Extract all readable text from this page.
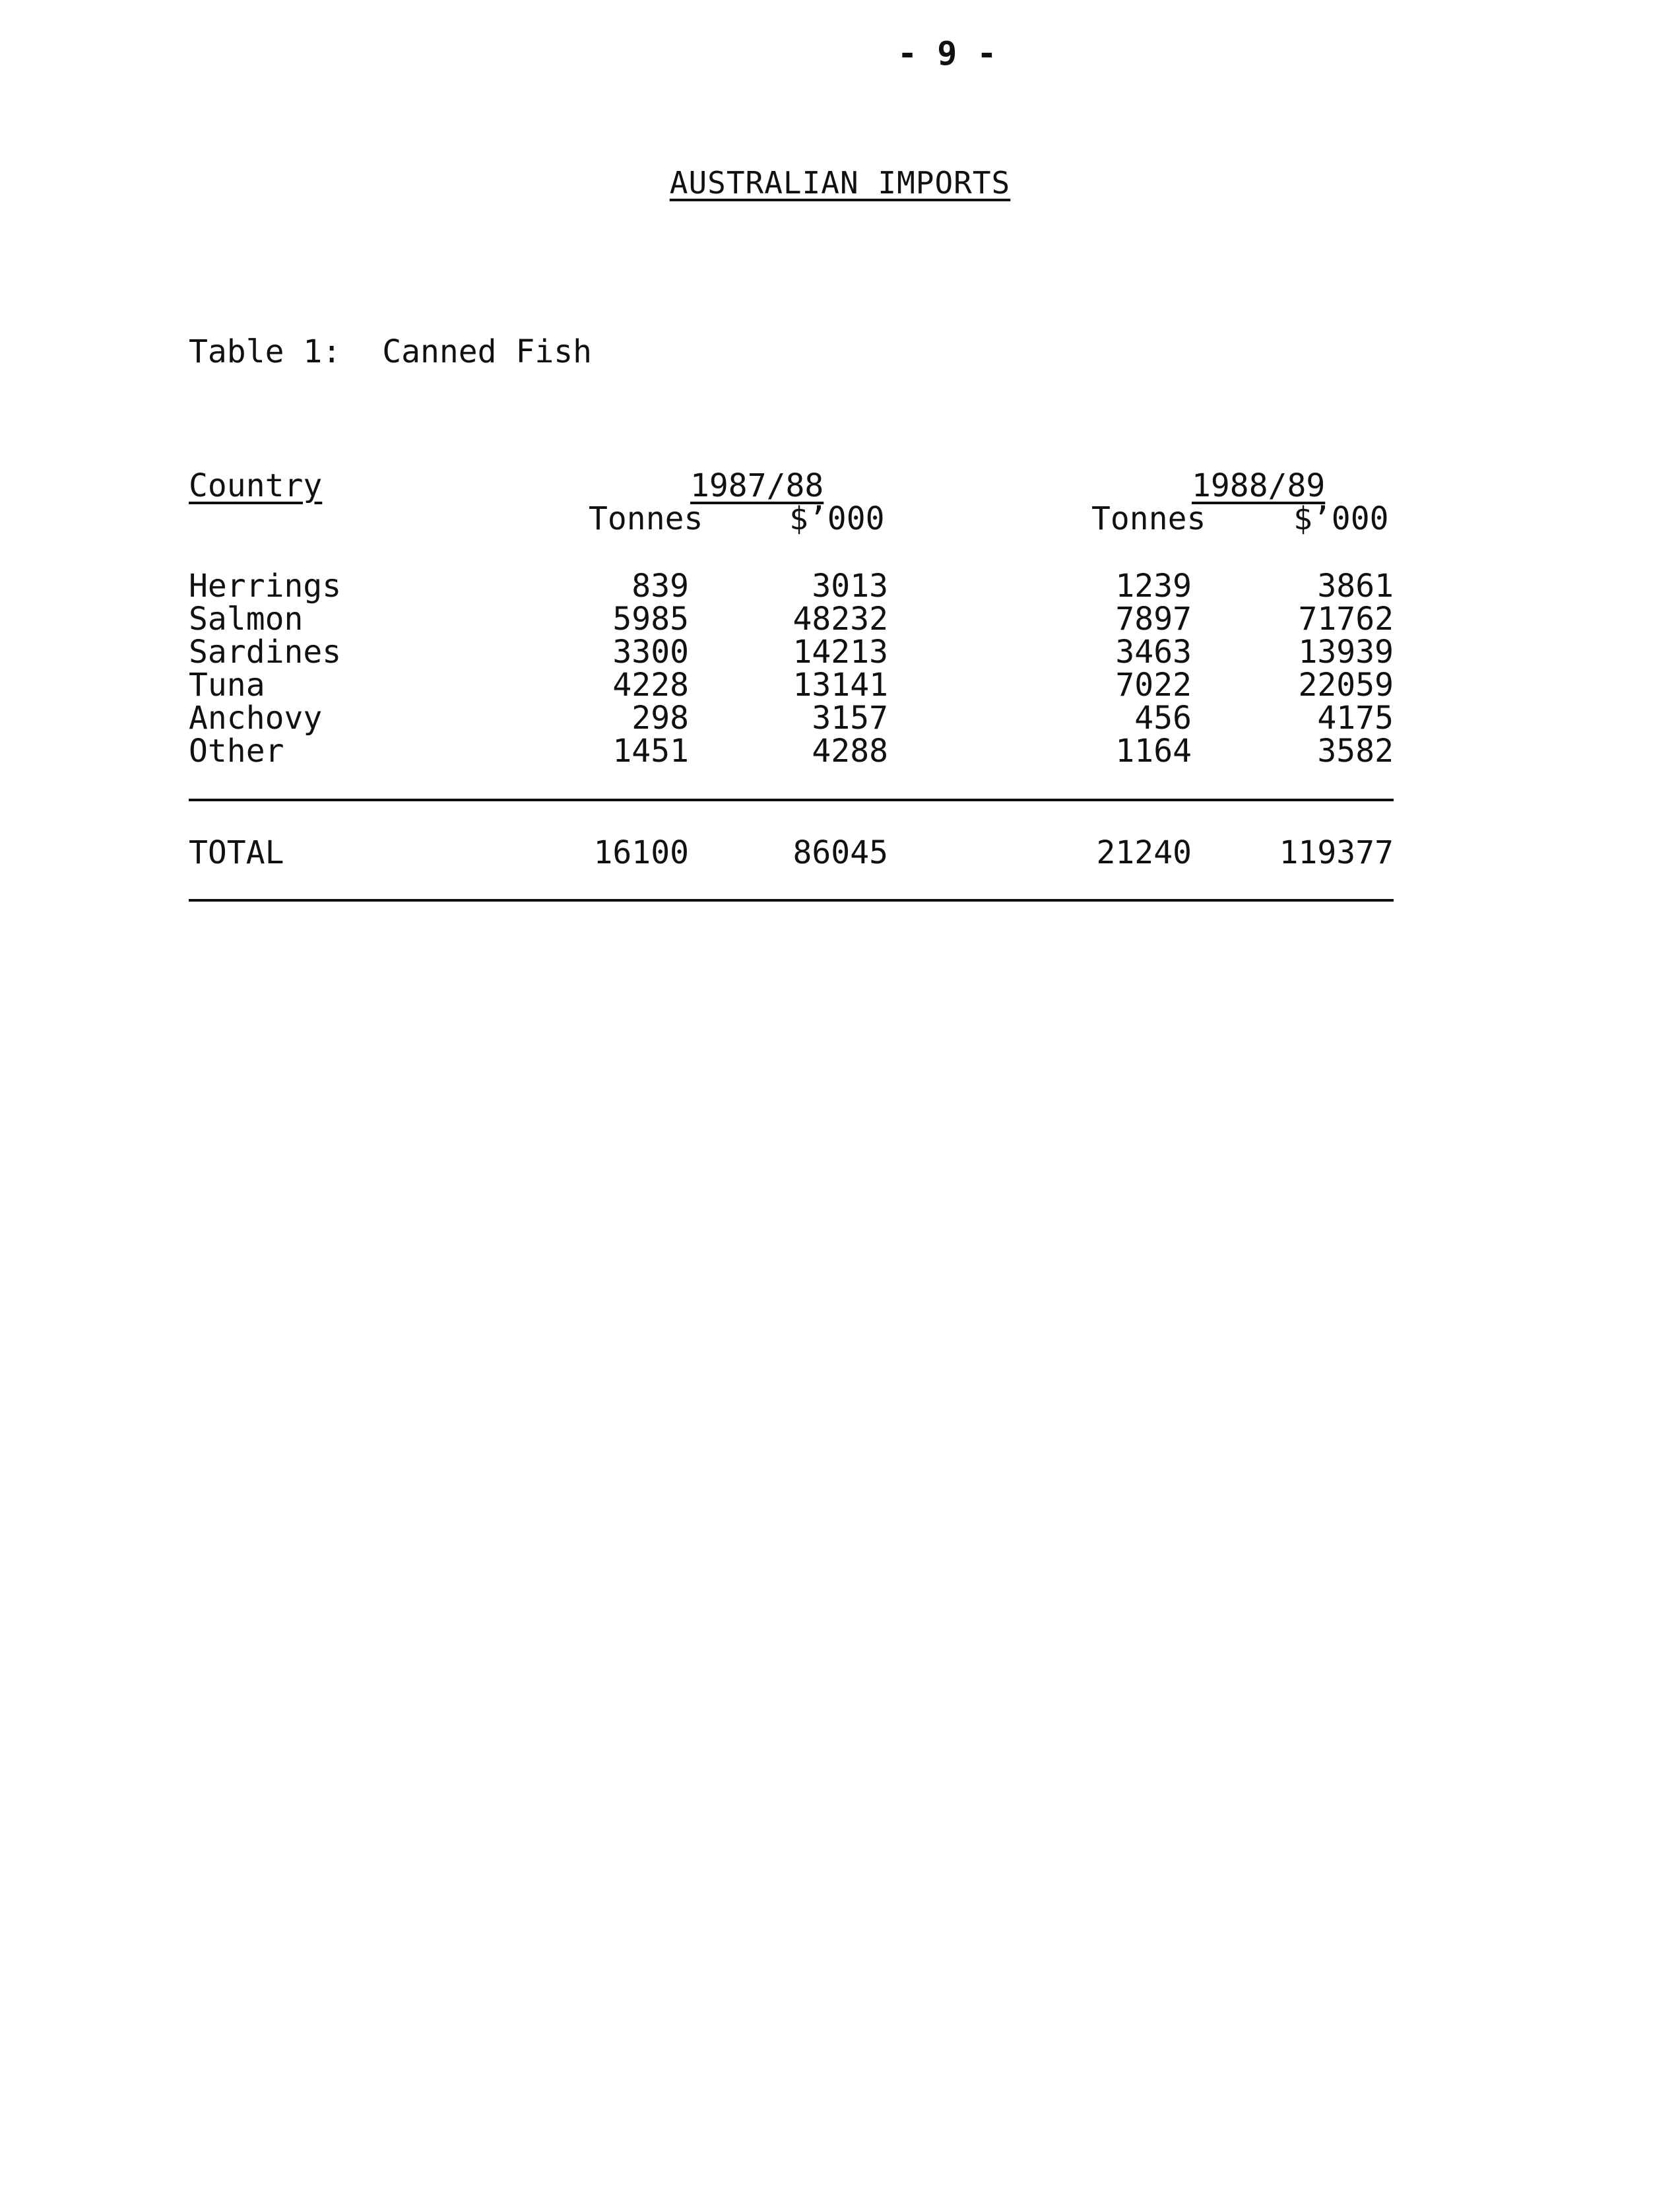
- 9 -
AUSTRALIAN IMPORTS
Table 1: Canned Fish
Country	1987/88	1988/89
Tonnes	$’000	Tonnes	$’000
Herrings	839	3013	1239	3861
Salmon	5985	48232	7897	71762
Sardines	3300	14213	3463	13939
Tuna	4228	13141	7022	22059
Anchovy	298	3157	456	4175
Other	1451	4288	1164	3582
TOTAL	16100	86045	21240	119377
